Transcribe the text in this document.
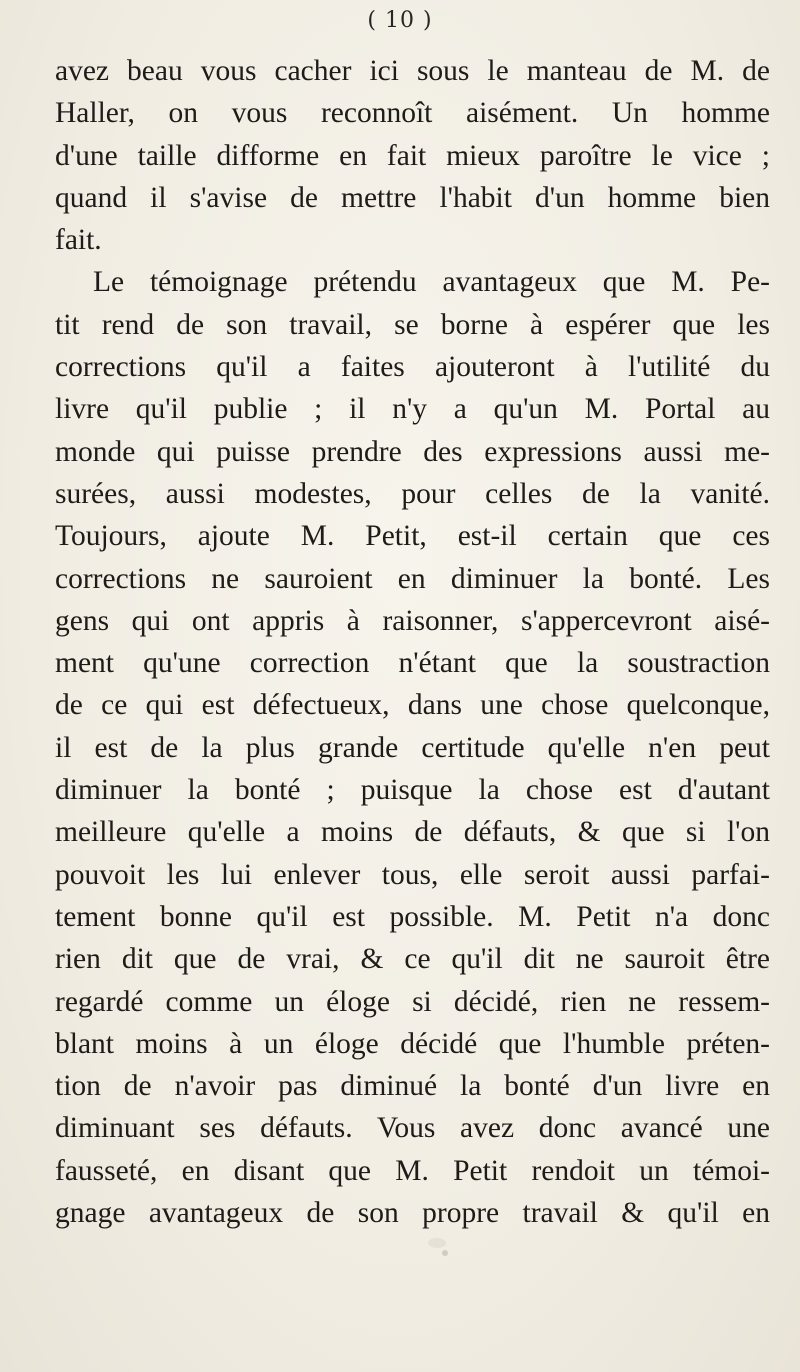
( 10 )
avez beau vous cacher ici sous le manteau de M. de
Haller, on vous reconnoît aisément. Un homme
d'une taille difforme en fait mieux paroître le vice ;
quand il s'avise de mettre l'habit d'un homme bien
fait.
Le témoignage prétendu avantageux que M. Pe-
tit rend de son travail, se borne à espérer que les
corrections qu'il a faites ajouteront à l'utilité du
livre qu'il publie ; il n'y a qu'un M. Portal au
monde qui puisse prendre des expressions aussi me-
surées, aussi modestes, pour celles de la vanité.
Toujours, ajoute M. Petit, est-il certain que ces
corrections ne sauroient en diminuer la bonté. Les
gens qui ont appris à raisonner, s'appercevront aisé-
ment qu'une correction n'étant que la soustraction
de ce qui est défectueux, dans une chose quelconque,
il est de la plus grande certitude qu'elle n'en peut
diminuer la bonté ; puisque la chose est d'autant
meilleure qu'elle a moins de défauts, & que si l'on
pouvoit les lui enlever tous, elle seroit aussi parfai-
tement bonne qu'il est possible. M. Petit n'a donc
rien dit que de vrai, & ce qu'il dit ne sauroit être
regardé comme un éloge si décidé, rien ne ressem-
blant moins à un éloge décidé que l'humble préten-
tion de n'avoir pas diminué la bonté d'un livre en
diminuant ses défauts. Vous avez donc avancé une
fausseté, en disant que M. Petit rendoit un témoi-
gnage avantageux de son propre travail & qu'il en
